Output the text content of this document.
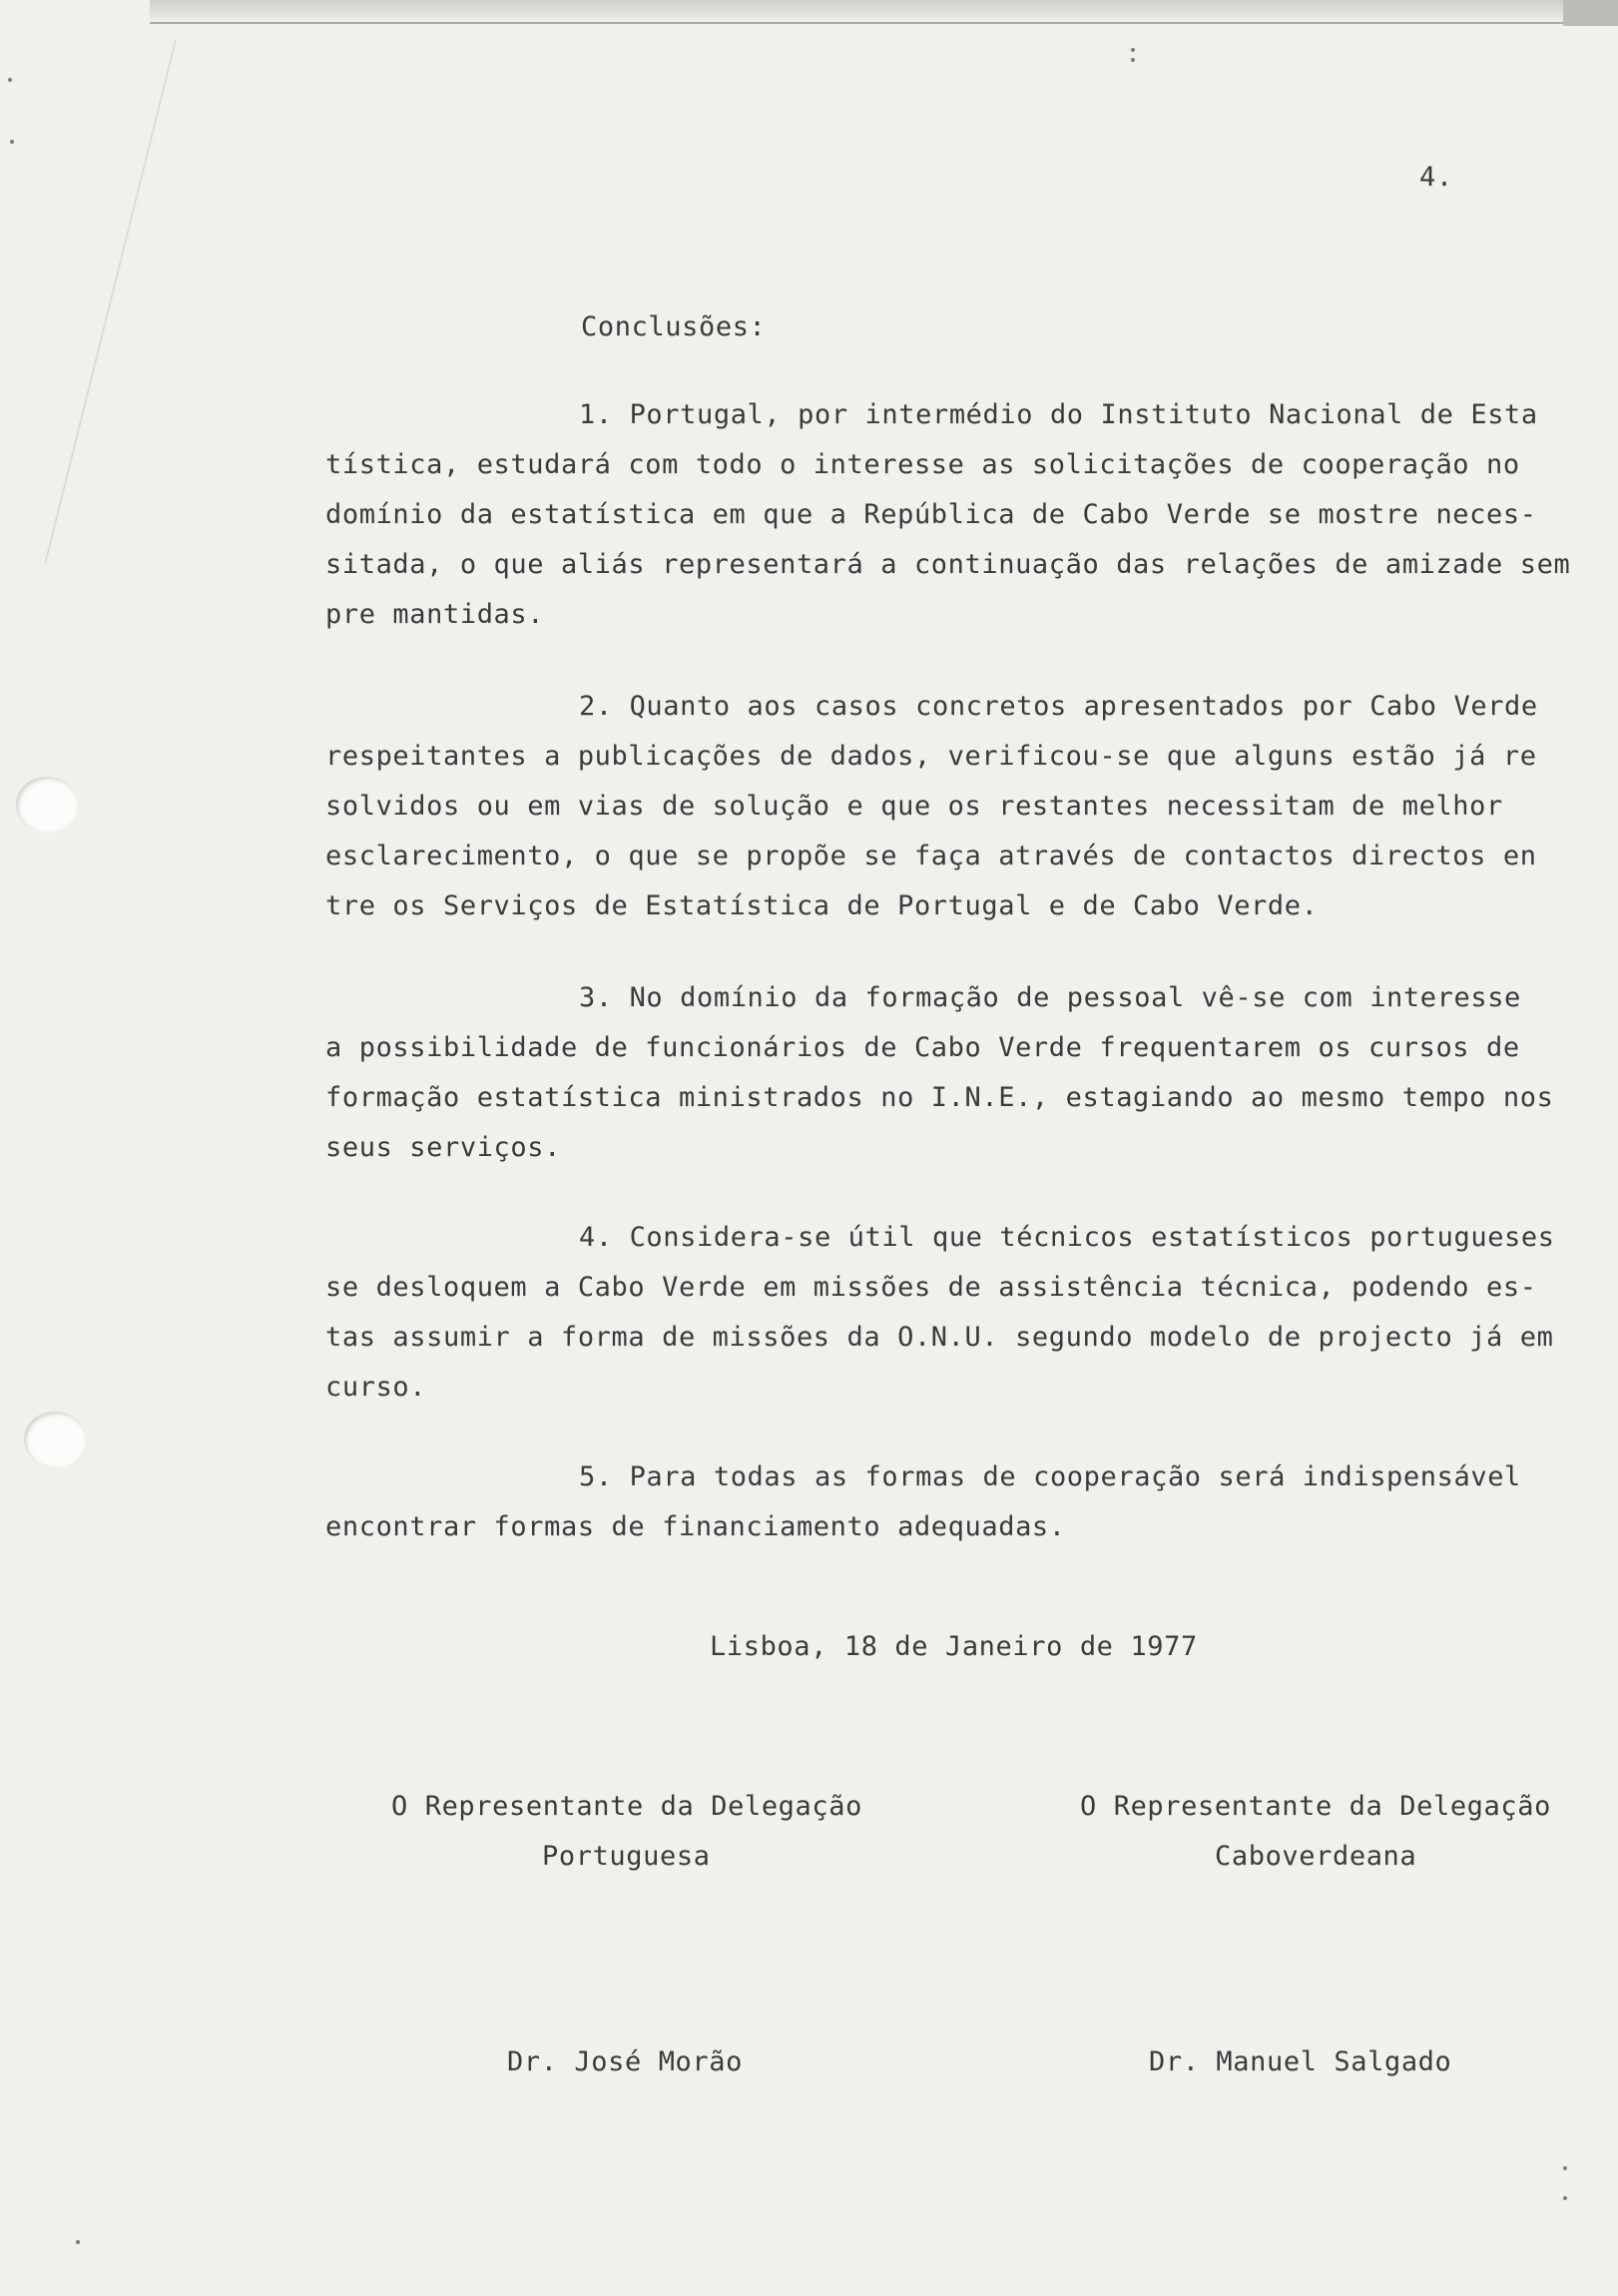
4.
Conclusões:
1. Portugal, por intermédio do Instituto Nacional de Esta
tística, estudará com todo o interesse as solicitações de cooperação no
domínio da estatística em que a República de Cabo Verde se mostre neces-
sitada, o que aliás representará a continuação das relações de amizade sem
pre mantidas.
2. Quanto aos casos concretos apresentados por Cabo Verde
respeitantes a publicações de dados, verificou-se que alguns estão já re
solvidos ou em vias de solução e que os restantes necessitam de melhor
esclarecimento, o que se propõe se faça através de contactos directos en
tre os Serviços de Estatística de Portugal e de Cabo Verde.
3. No domínio da formação de pessoal vê-se com interesse
a possibilidade de funcionários de Cabo Verde frequentarem os cursos de
formação estatística ministrados no I.N.E., estagiando ao mesmo tempo nos
seus serviços.
4. Considera-se útil que técnicos estatísticos portugueses
se desloquem a Cabo Verde em missões de assistência técnica, podendo es-
tas assumir a forma de missões da O.N.U. segundo modelo de projecto já em
curso.
5. Para todas as formas de cooperação será indispensável
encontrar formas de financiamento adequadas.
Lisboa, 18 de Janeiro de 1977
O Representante da Delegação
Portuguesa
O Representante da Delegação
Caboverdeana
Dr. José Morão	Dr. Manuel Salgado
